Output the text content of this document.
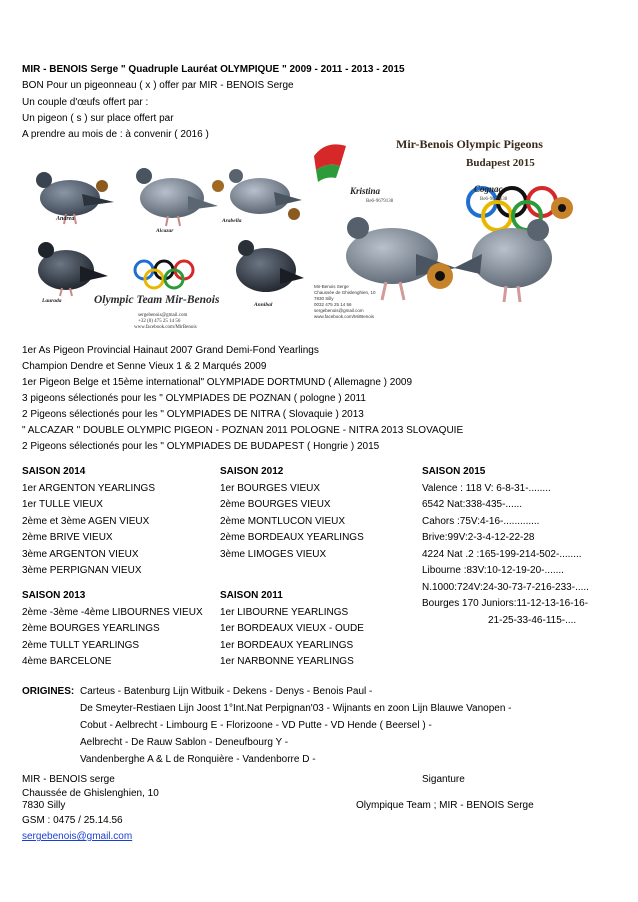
MIR - BENOIS Serge " Quadruple Lauréat OLYMPIQUE " 2009 - 2011 - 2013 - 2015
BON Pour un pigeonneau ( x ) offer par MIR - BENOIS Serge
Un couple d'œufs offert par :
Un pigeon ( s ) sur place offert par
A prendre au mois de : à convenir ( 2016 )
Andrea
Alcazar
Arabella
Laurada
Annibal
Olympic Team Mir-Benois
sergebenois@gmail.com
+32 (0) 475 25 14 56
www.facebook.com/MirBenois
Mir-Benois Olympic Pigeons
Budapest 2015
Kristina
Be6-9679138
Cognac
Be6-9679138
Mir-Benois Serge
Chaussée de Ghislenghien, 10
7830 Silly
0032 475 25 14 56
sergebenois@gmail.com
www.facebook.com/MirBenois
1er As Pigeon Provincial Hainaut 2007 Grand Demi-Fond Yearlings
Champion Dendre et Senne Vieux 1 & 2 Marqués 2009
1er Pigeon Belge et 15ème international" OLYMPIADE DORTMUND ( Allemagne ) 2009
3 pigeons sélectionés pour les " OLYMPIADES DE POZNAN ( pologne ) 2011
2 Pigeons sélectionés pour les " OLYMPIADES DE NITRA ( Slovaquie ) 2013
" ALCAZAR " DOUBLE OLYMPIC PIGEON - POZNAN 2011 POLOGNE - NITRA 2013 SLOVAQUIE
2 Pigeons sélectionés pour les " OLYMPIADES DE BUDAPEST ( Hongrie ) 2015
SAISON 2014
1er ARGENTON YEARLINGS
1er TULLE VIEUX
2ème et 3ème AGEN VIEUX
2ème BRIVE VIEUX
3ème ARGENTON VIEUX
3ème PERPIGNAN VIEUX
SAISON 2012
1er BOURGES VIEUX
2ème BOURGES VIEUX
2ème MONTLUCON VIEUX
2ème BORDEAUX YEARLINGS
3ème LIMOGES VIEUX
SAISON 2015
Valence : 118 V: 6-8-31-........
6542 Nat:338-435-......
Cahors :75V:4-16-.............
Brive:99V:2-3-4-12-22-28
4224 Nat .2 :165-199-214-502-........
Libourne :83V:10-12-19-20-.......
N.1000:724V:24-30-73-7-216-233-.....
Bourges 170 Juniors:11-12-13-16-16-
21-25-33-46-115-....
SAISON 2013
2ème -3ème -4ème LIBOURNES VIEUX
2ème BOURGES YEARLINGS
2ème TULLT YEARLINGS
4ème BARCELONE
SAISON 2011
1er LIBOURNE YEARLINGS
1er BORDEAUX VIEUX - OUDE
1er BORDEAUX YEARLINGS
1er NARBONNE YEARLINGS
ORIGINES: Carteus - Batenburg Lijn Witbuik - Dekens - Denys - Benois Paul -
De Smeyter-Restiaen Lijn Joost 1°Int.Nat Perpignan'03 - Wijnants en zoon Lijn Blauwe Vanopen -
Cobut - Aelbrecht - Limbourg E - Florizoone - VD Putte - VD Hende ( Beersel ) -
Aelbrecht - De Rauw Sablon - Deneufbourg Y -
Vandenberghe A & L de Ronquière - Vandenborre D -
MIR - BENOIS serge	Siganture
Chaussée de Ghislenghien, 10
7830 Silly	Olympique Team ; MIR - BENOIS Serge
GSM : 0475 / 25.14.56
sergebenois@gmail.com
